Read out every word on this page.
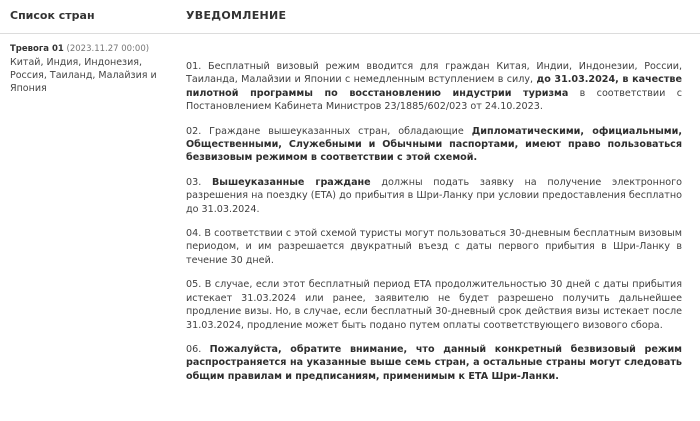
Список стран	УВЕДОМЛЕНИЕ
Тревога 01 (2023.11.27 00:00)
Китай, Индия, Индонезия, Россия, Таиланд, Малайзия и Япония

01. Бесплатный визовый режим вводится для граждан Китая, Индии, Индонезии, России, Таиланда, Малайзии и Японии с немедленным вступлением в силу, до 31.03.2024, в качестве пилотной программы по восстановлению индустрии туризма в соответствии с Постановлением Кабинета Министров 23/1885/602/023 от 24.10.2023.

02. Граждане вышеуказанных стран, обладающие Дипломатическими, официальными, Общественными, Служебными и Обычными паспортами, имеют право пользоваться безвизовым режимом в соответствии с этой схемой.

03. Вышеуказанные граждане должны подать заявку на получение электронного разрешения на поездку (ETA) до прибытия в Шри-Ланку при условии предоставления бесплатно до 31.03.2024.

04. В соответствии с этой схемой туристы могут пользоваться 30-дневным бесплатным визовым периодом, и им разрешается двукратный въезд с даты первого прибытия в Шри-Ланку в течение 30 дней.

05. В случае, если этот бесплатный период ETA продолжительностью 30 дней с даты прибытия истекает 31.03.2024 или ранее, заявителю не будет разрешено получить дальнейшее продление визы. Но, в случае, если бесплатный 30-дневный срок действия визы истекает после 31.03.2024, продление может быть подано путем оплаты соответствующего визового сбора.

06. Пожалуйста, обратите внимание, что данный конкретный безвизовый режим распространяется на указанные выше семь стран, а остальные страны могут следовать общим правилам и предписаниям, применимым к ETA Шри-Ланки.
